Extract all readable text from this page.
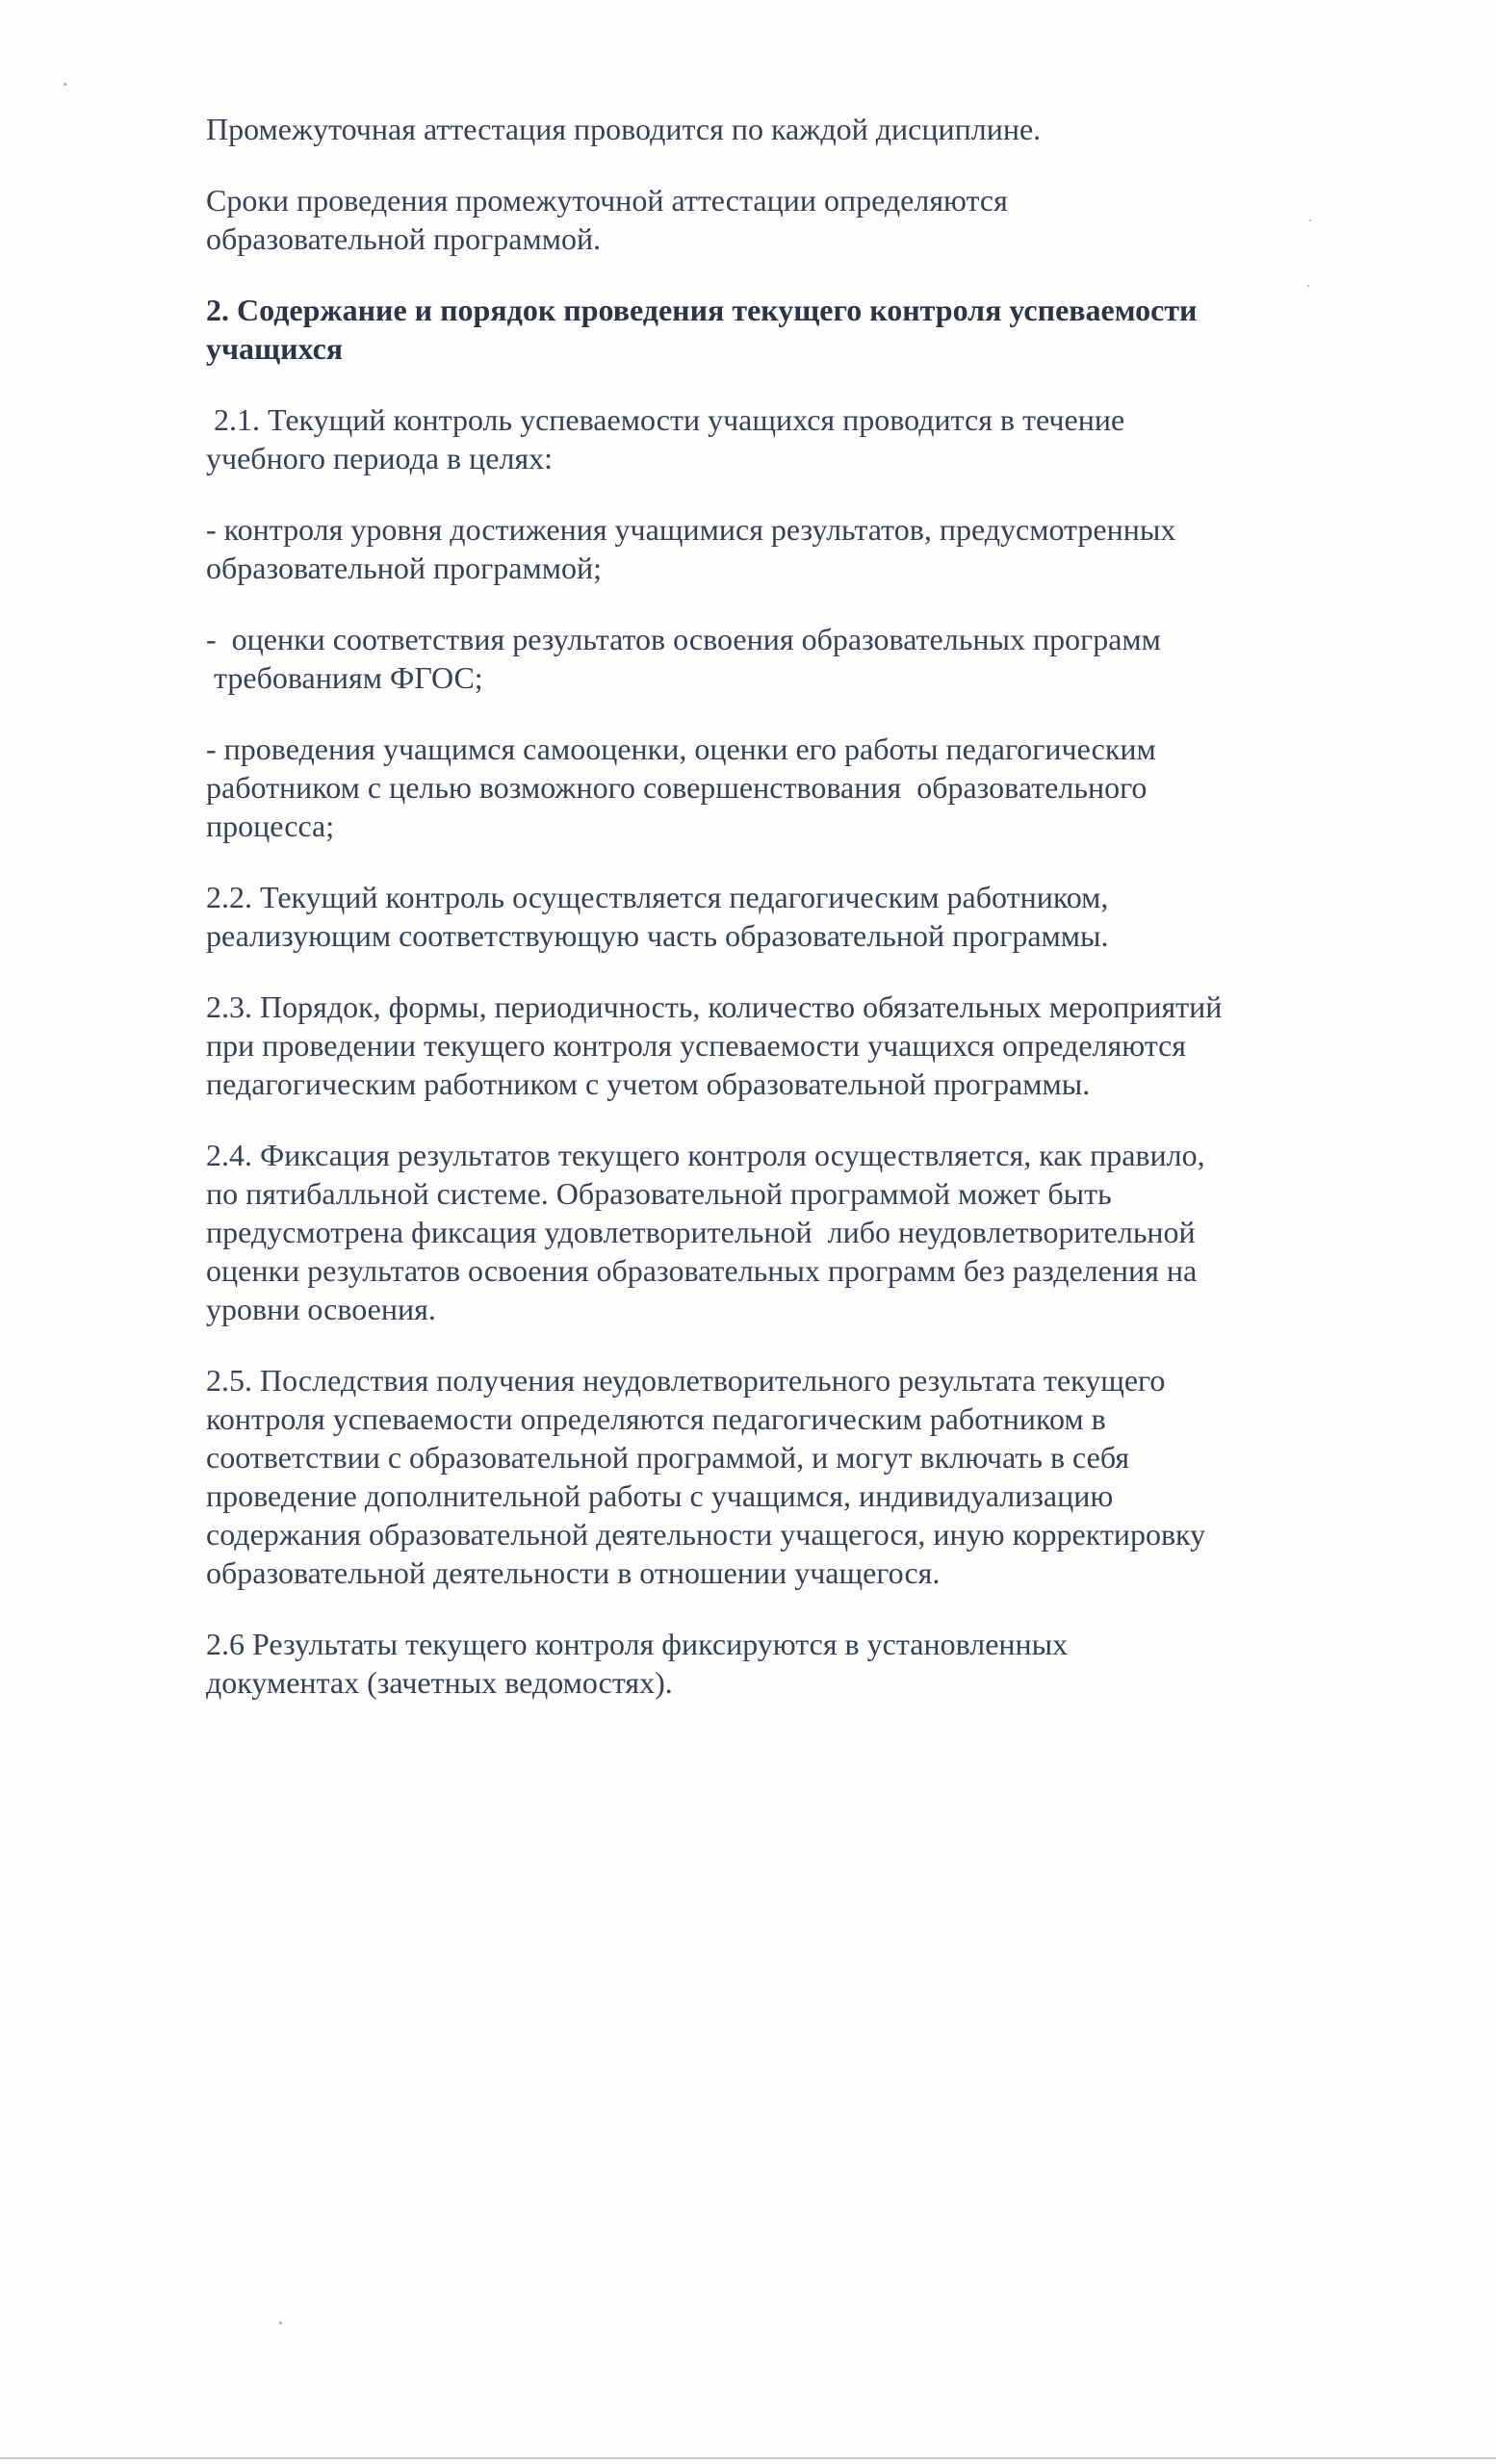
Промежуточная аттестация проводится по каждой дисциплине.
Сроки проведения промежуточной аттестации определяются
образовательной программой.
2. Содержание и порядок проведения текущего контроля успеваемости
учащихся
2.1. Текущий контроль успеваемости учащихся проводится в течение
учебного периода в целях:
- контроля уровня достижения учащимися результатов, предусмотренных
образовательной программой;
-  оценки соответствия результатов освоения образовательных программ
требованиям ФГОС;
- проведения учащимся самооценки, оценки его работы педагогическим
работником с целью возможного совершенствования  образовательного
процесса;
2.2. Текущий контроль осуществляется педагогическим работником,
реализующим соответствующую часть образовательной программы.
2.3. Порядок, формы, периодичность, количество обязательных мероприятий
при проведении текущего контроля успеваемости учащихся определяются
педагогическим работником с учетом образовательной программы.
2.4. Фиксация результатов текущего контроля осуществляется, как правило,
по пятибалльной системе. Образовательной программой может быть
предусмотрена фиксация удовлетворительной  либо неудовлетворительной
оценки результатов освоения образовательных программ без разделения на
уровни освоения.
2.5. Последствия получения неудовлетворительного результата текущего
контроля успеваемости определяются педагогическим работником в
соответствии с образовательной программой, и могут включать в себя
проведение дополнительной работы с учащимся, индивидуализацию
содержания образовательной деятельности учащегося, иную корректировку
образовательной деятельности в отношении учащегося.
2.6 Результаты текущего контроля фиксируются в установленных
документах (зачетных ведомостях).
